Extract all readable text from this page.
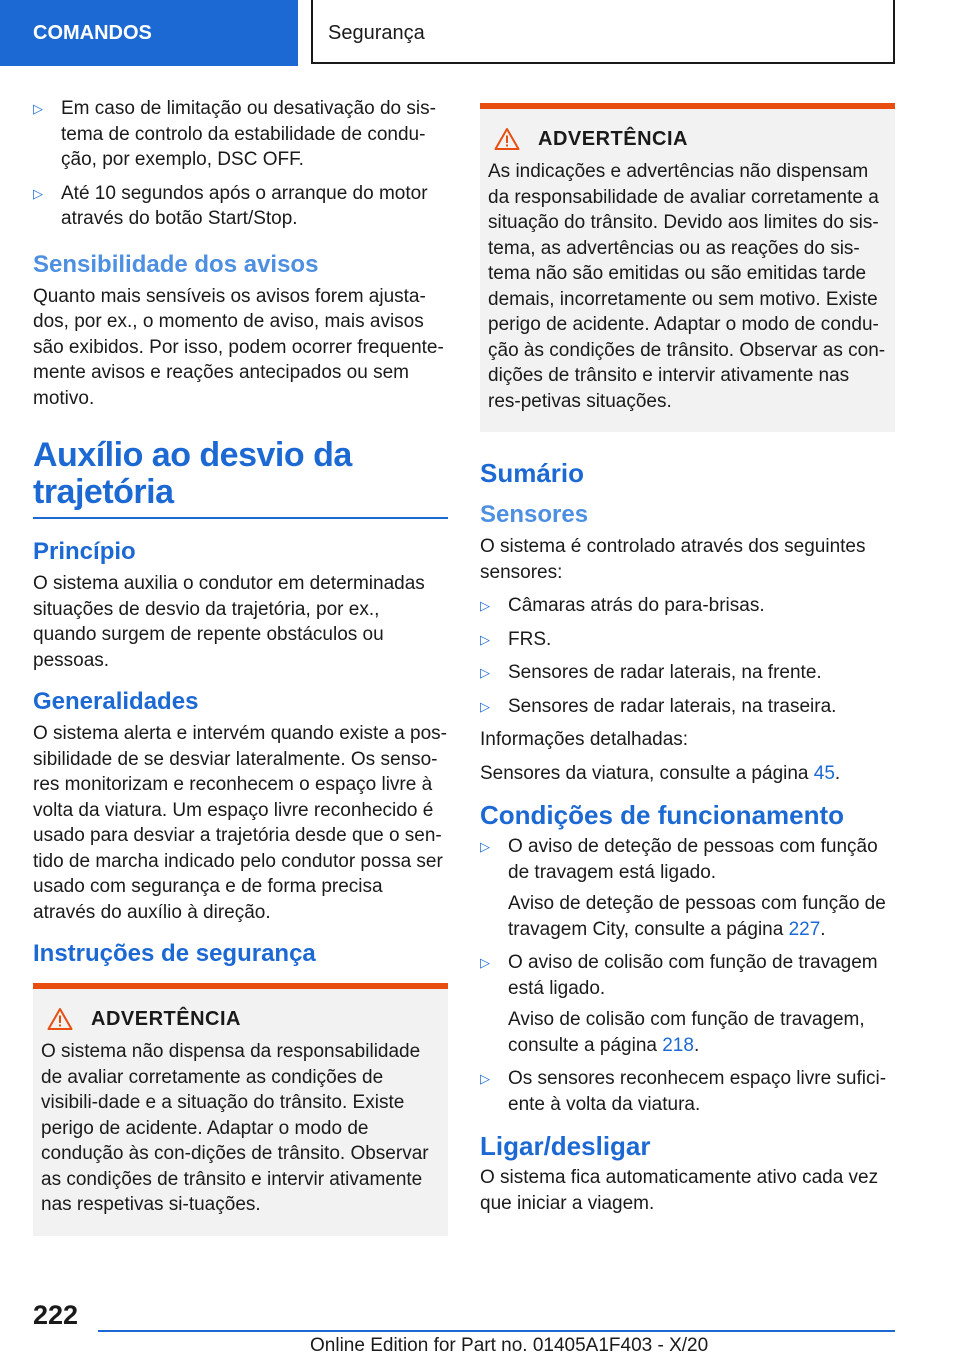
COMANDOS	Segurança
▷ Em caso de limitação ou desativação do sis-tema de controlo da estabilidade de condu-ção, por exemplo, DSC OFF.
▷ Até 10 segundos após o arranque do motor através do botão Start/Stop.
Sensibilidade dos avisos

Quanto mais sensíveis os avisos forem ajusta-dos, por ex., o momento de aviso, mais avisos são exibidos. Por isso, podem ocorrer frequente-mente avisos e reações antecipados ou sem motivo.

Auxílio ao desvio da trajetória
Princípio

O sistema auxilia o condutor em determinadas situações de desvio da trajetória, por ex., quando surgem de repente obstáculos ou pessoas.

Generalidades

O sistema alerta e intervém quando existe a pos-sibilidade de se desviar lateralmente. Os senso-res monitorizam e reconhecem o espaço livre à volta da viatura. Um espaço livre reconhecido é usado para desviar a trajetória desde que o sen-tido de marcha indicado pelo condutor possa ser usado com segurança e de forma precisa através do auxílio à direção.

Instruções de segurança
ADVERTÊNCIA

O sistema não dispensa da responsabilidade de avaliar corretamente as condições de visibili-dade e a situação do trânsito. Existe perigo de acidente. Adaptar o modo de condução às con-dições de trânsito. Observar as condições de trânsito e intervir ativamente nas respetivas si-tuações.

ADVERTÊNCIA

As indicações e advertências não dispensam da responsabilidade de avaliar corretamente a situação do trânsito. Devido aos limites do sis-tema, as advertências ou as reações do sis-tema não são emitidas ou são emitidas tarde demais, incorretamente ou sem motivo. Existe perigo de acidente. Adaptar o modo de condu-ção às condições de trânsito. Observar as con-dições de trânsito e intervir ativamente nas res-petivas situações.

Sumário
Sensores

O sistema é controlado através dos seguintes sensores:

▷ Câmaras atrás do para-brisas.
▷ FRS.
▷ Sensores de radar laterais, na frente.
▷ Sensores de radar laterais, na traseira.

Informações detalhadas:

Sensores da viatura, consulte a página 45.

Condições de funcionamento
▷ O aviso de deteção de pessoas com função de travagem está ligado.
Aviso de deteção de pessoas com função de travagem City, consulte a página 227.
▷ O aviso de colisão com função de travagem está ligado.
Aviso de colisão com função de travagem, consulte a página 218.
▷ Os sensores reconhecem espaço livre sufici-ente à volta da viatura.
Ligar/desligar

O sistema fica automaticamente ativo cada vez que iniciar a viagem.

222
Online Edition for Part no. 01405A1F403 - X/20
